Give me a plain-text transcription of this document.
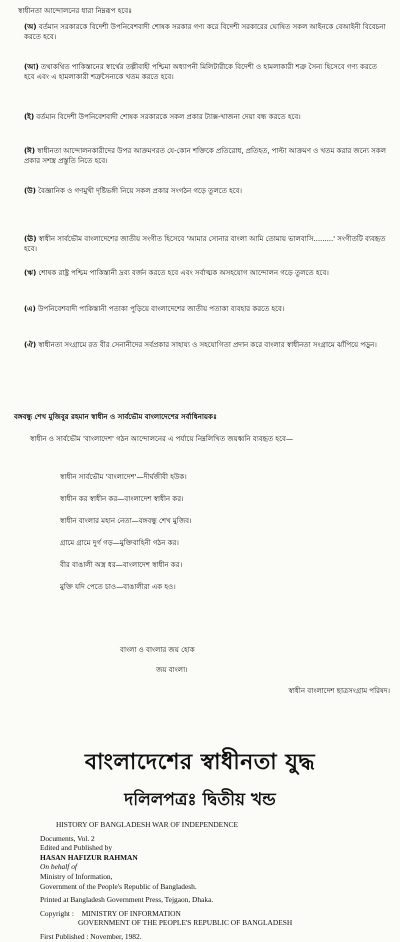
স্বাধীনতা আন্দোলনের ধারা নিম্নরূপ হবেঃ
(অ) বর্তমান সরকারকে বিদেশী উপনিবেশবাদী শোষক সরকার গণ্য করে বিদেশী সরকারের ঘোষিত সকল আইনকে বেআইনী বিবেচনা করতে হবে।
(আ) তথাকথিত পাকিস্তানের স্বার্থের তল্পীবাহী পশ্চিমা অধ্যাপনী মিলিটারীকে বিদেশী ও হামলাকারী শত্রু সৈন্য হিসেবে গণ্য করতে হবে এবং এ হামলাকারী শত্রুসৈন্যকে খতম করতে হবে।
(ই) বর্তমান বিদেশী উপনিবেশবাদী শোষক সরকারকে সকল প্রকার ট্যাক্স-খাজনা দেয়া বন্ধ করতে হবে।
(ঈ) স্বাধীনতা আন্দোলনকারীদের উপর আক্রমণরত যে-কোন শক্তিকে প্রতিরোধ, প্রতিহত, পাল্টা আক্রমণ ও খতম করার জন্যে সকল প্রকার সশস্ত্র প্রস্তুতি নিতে হবে।
(উ) বৈজ্ঞানিক ও গণমুখী দৃষ্টিভঙ্গী নিয়ে সকল প্রকার সংগঠন গড়ে তুলতে হবে।
(ঊ) স্বাধীন সার্বভৌম বাংলাদেশের জাতীয় সংগীত হিসেবে 'আমার সোনার বাংলা আমি তোমায় ভালবাসি.........' সংগীতটি ব্যবহৃত হবে।
(ঋ) শোষক রাষ্ট্র পশ্চিম পাকিস্তানী দ্রব্য বর্জন করতে হবে এবং সর্বাত্মক অসহযোগ আন্দোলন গড়ে তুলতে হবে।
(এ) উপনিবেশবাদী পাকিস্তানী পতাকা পুড়িয়ে বাংলাদেশের জাতীয় পতাকা ব্যবহার করতে হবে।
(ঐ) স্বাধীনতা সংগ্রামে রত বীর সেনানীদের সর্বপ্রকার সাহায্য ও সহযোগিতা প্রদান করে বাংলার স্বাধীনতা সংগ্রামে ঝাঁপিয়ে পড়ুন।
বঙ্গবন্ধু শেখ মুজিবুর রহমান স্বাধীন ও সার্বভৌম বাংলাদেশের সর্বাধিনায়কঃ
স্বাধীন ও সার্বভৌম 'বাংলাদেশ' গঠন আন্দোলনের এ পর্যায়ে নিম্নলিখিত জয়ধ্বনি ব্যবহৃত হবে—
স্বাধীন সার্বভৌম 'বাংলাদেশ'—দীর্ঘজীবী হউক।
স্বাধীন কর স্বাধীন কর—বাংলাদেশ স্বাধীন কর।
স্বাধীন বাংলার মহান নেতা—বঙ্গবন্ধু শেখ মুজিব।
গ্রামে গ্রামে দুর্গ গড়—মুক্তিবাহিনী গঠন কর।
বীর বাঙালী অস্ত্র ধর—বাংলাদেশ স্বাধীন কর।
মুক্তি যদি পেতে চাও—বাঙালীরা এক হও।
বাংলা ও বাংলার জয় হোক
জয় বাংলা।
স্বাধীন বাংলাদেশ ছাত্রসংগ্রাম পরিষদ।
বাংলাদেশের স্বাধীনতা যুদ্ধ
দলিলপত্রঃ দ্বিতীয় খন্ড
HISTORY OF BANGLADESH WAR OF INDEPENDENCE
Documents, Vol. 2
Edited and Published by
HASAN HAFIZUR RAHMAN
On behalf of
Ministry of Information,
Government of the People's Republic of Bangladesh.
Printed at Bangladesh Government Press, Tejgaon, Dhaka.
Copyright : MINISTRY OF INFORMATION
GOVERNMENT OF THE PEOPLE'S REPUBLIC OF BANGLADESH
First Published : November, 1982.
